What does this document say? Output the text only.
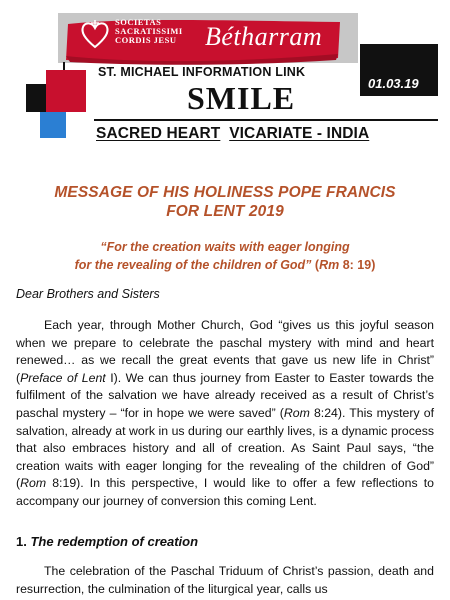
SOCIETAS
SACRATISSIMI
CORDIS JESU Bétharram
ST. MICHAEL INFORMATION LINK
SMILE	01.03.19
SACRED HEART VICARIATE - INDIA
MESSAGE OF HIS HOLINESS POPE FRANCIS
FOR LENT 2019
“For the creation waits with eager longing
for the revealing of the children of God” (Rm 8: 19)
Dear Brothers and Sisters

Each year, through Mother Church, God “gives us this joyful season when we prepare to celebrate the paschal mystery with mind and heart renewed… as we recall the great events that gave us new life in Christ” (Preface of Lent I). We can thus journey from Easter to Easter towards the fulfilment of the salvation we have already received as a result of Christ’s paschal mystery – “for in hope we were saved” (Rom 8:24). This mystery of salvation, already at work in us during our earthly lives, is a dynamic process that also embraces history and all of creation. As Saint Paul says, “the creation waits with eager longing for the revealing of the children of God” (Rom 8:19). In this perspective, I would like to offer a few reflections to accompany our journey of conversion this coming Lent.

1. The redemption of creation

The celebration of the Paschal Triduum of Christ’s passion, death and resurrection, the culmination of the liturgical year, calls us
